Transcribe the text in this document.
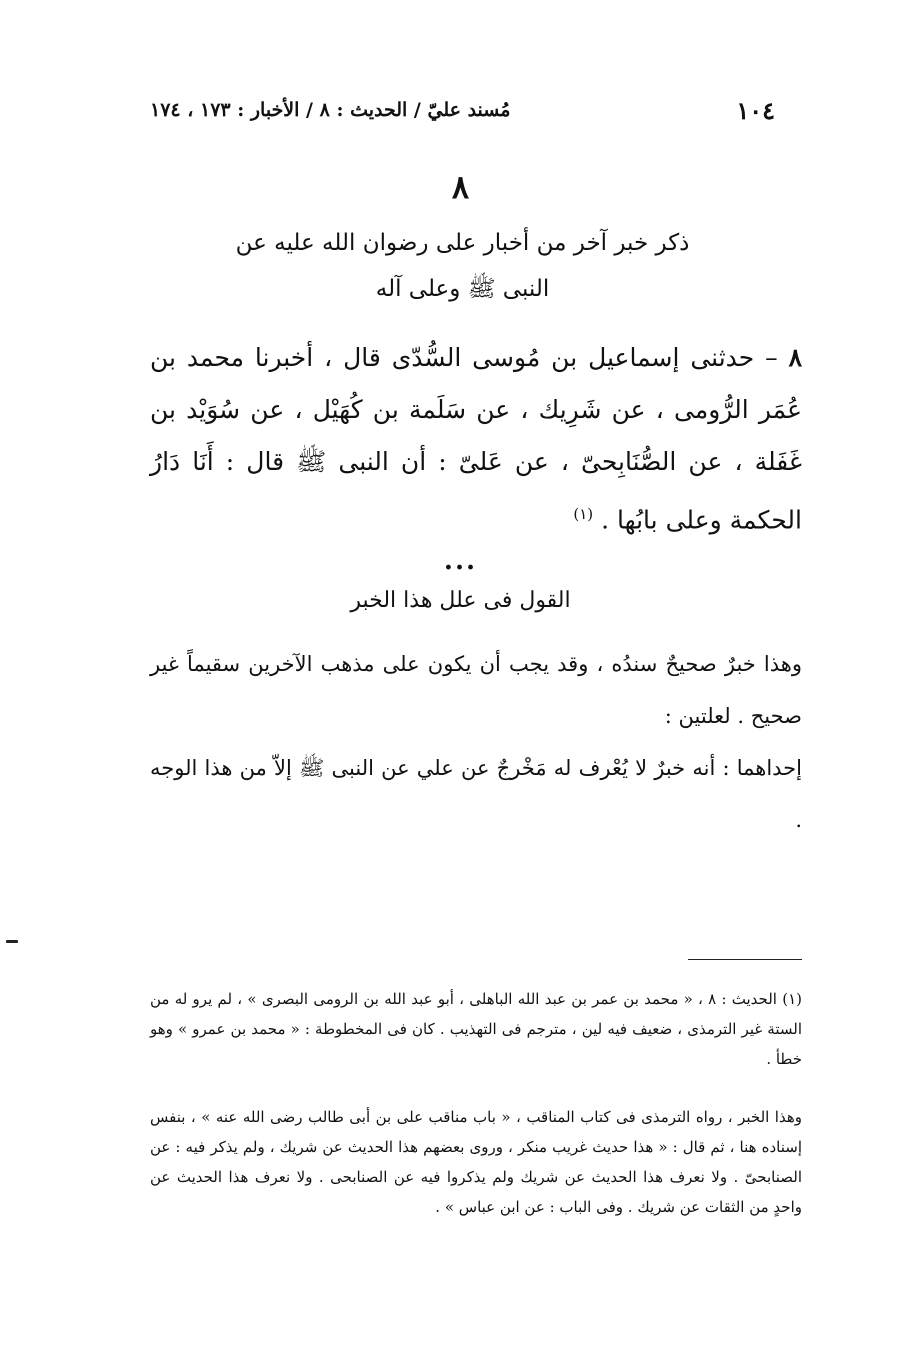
١٠٤
مُسند عليّ / الحديث : ٨ / الأخبار : ١٧٣ ، ١٧٤
٨
ذكر خبر آخر من أخبار على رضوان الله عليه عن
النبى ﷺ وعلى آله
٨ – حدثنى إسماعيل بن مُوسى السُّدّى قال ، أخبرنا محمد بن عُمَر الرُّومى ، عن شَرِيك ، عن سَلَمة بن كُهَيْل ، عن سُوَيْد بن غَفَلة ، عن الصُّنَابِحىّ ، عن عَلىّ : أن النبى ﷺ قال : أَنَا دَارُ الحكمة وعلى بابُها . $^{(١)}$
...
القول فى علل هذا الخبر
وهذا خبرٌ صحيحٌ سندُه ، وقد يجب أن يكون على مذهب الآخرين سقيماً غير صحيح . لعلتين :
إحداهما : أنه خبرٌ لا يُعْرف له مَخْرجٌ عن علي عن النبى ﷺ إلاّ من هذا الوجه .
(١) الحديث : ٨ ، « محمد بن عمر بن عبد الله الباهلى ، أبو عبد الله بن الرومى البصرى » ، لم يرو له من الستة غير الترمذى ، ضعيف فيه لين ، مترجم فى التهذيب . كان فى المخطوطة : « محمد بن عمرو » وهو خطأ .
وهذا الخبر ، رواه الترمذى فى كتاب المناقب ، « باب مناقب على بن أبى طالب رضى الله عنه » ، بنفس إسناده هنا ، ثم قال : « هذا حديث غريب منكر ، وروى بعضهم هذا الحديث عن شريك ، ولم يذكر فيه : عن الصنابحىّ . ولا نعرف هذا الحديث عن شريك ولم يذكروا فيه عن الصنابحى . ولا نعرف هذا الحديث عن واحدٍ من الثقات عن شريك . وفى الباب : عن ابن عباس » .
